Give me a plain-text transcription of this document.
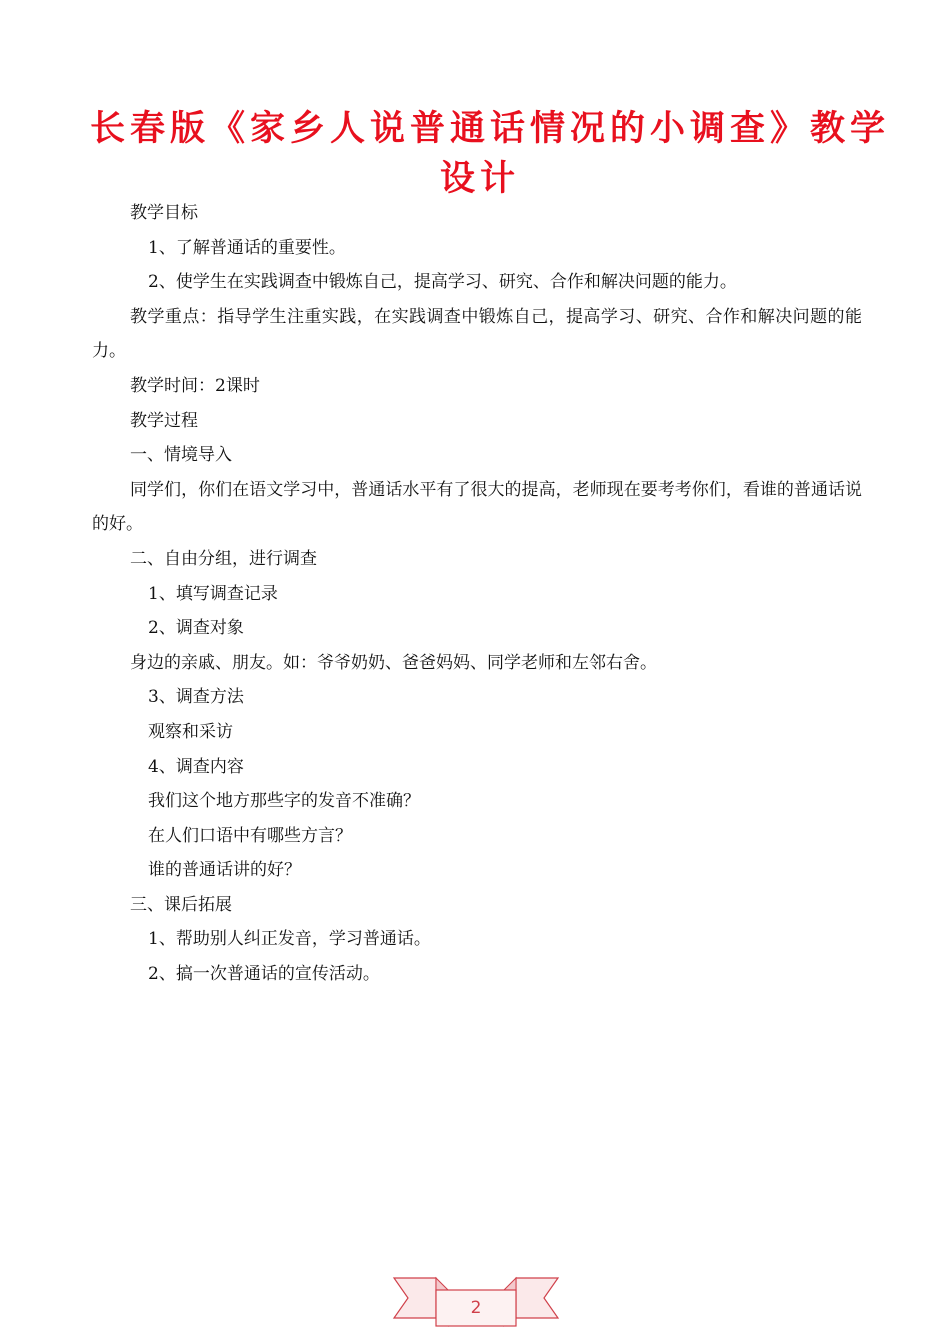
长春版《家乡人说普通话情况的小调查》教学
设计

教学目标

1、了解普通话的重要性。

2、使学生在实践调查中锻炼自己，提高学习、研究、合作和解决问题的能力。

教学重点：指导学生注重实践，在实践调查中锻炼自己，提高学习、研究、合作和解决问题的能力。

教学时间：2课时

教学过程

一、情境导入

同学们，你们在语文学习中，普通话水平有了很大的提高，老师现在要考考你们，看谁的普通话说的好。

二、自由分组，进行调查

1、填写调查记录

2、调查对象

身边的亲戚、朋友。如：爷爷奶奶、爸爸妈妈、同学老师和左邻右舍。

3、调查方法

观察和采访

4、调查内容

我们这个地方那些字的发音不准确？

在人们口语中有哪些方言？

谁的普通话讲的好？

三、课后拓展

1、帮助别人纠正发音，学习普通话。

2、搞一次普通话的宣传活动。

2
